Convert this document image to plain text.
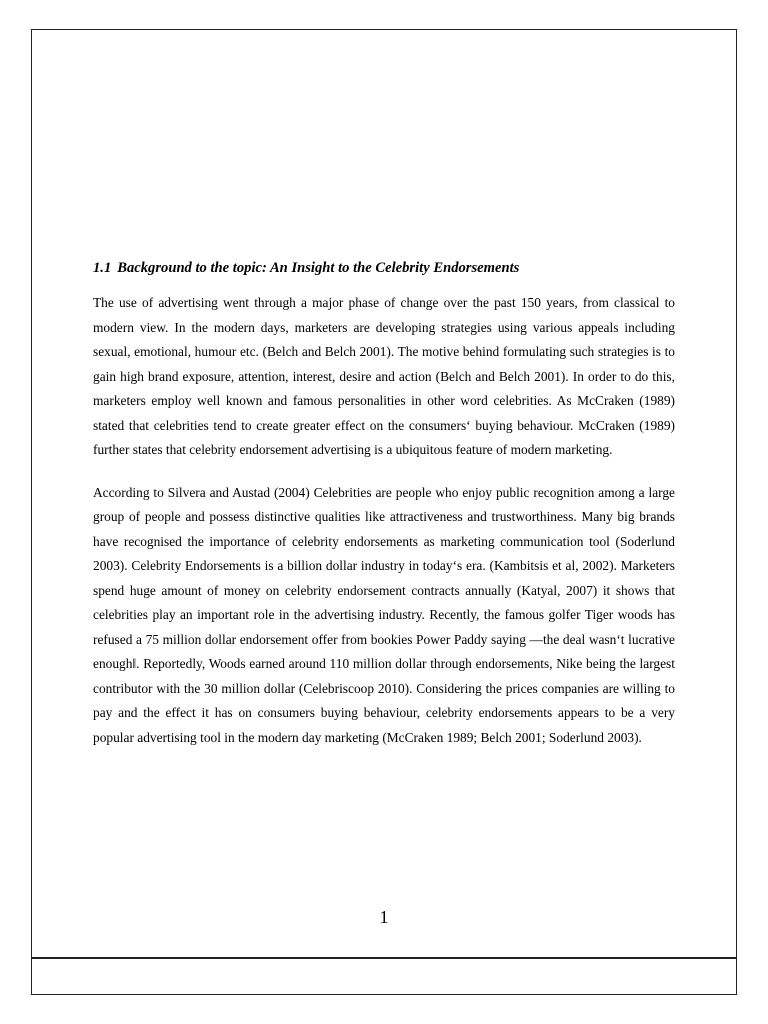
1.1 Background to the topic: An Insight to the Celebrity Endorsements

The use of advertising went through a major phase of change over the past 150 years, from classical to modern view. In the modern days, marketers are developing strategies using various appeals including sexual, emotional, humour etc. (Belch and Belch 2001). The motive behind formulating such strategies is to gain high brand exposure, attention, interest, desire and action (Belch and Belch 2001). In order to do this, marketers employ well known and famous personalities in other word celebrities. As McCraken (1989) stated that celebrities tend to create greater effect on the consumers‘ buying behaviour. McCraken (1989) further states that celebrity endorsement advertising is a ubiquitous feature of modern marketing.

According to Silvera and Austad (2004) Celebrities are people who enjoy public recognition among a large group of people and possess distinctive qualities like attractiveness and trustworthiness. Many big brands have recognised the importance of celebrity endorsements as marketing communication tool (Soderlund 2003). Celebrity Endorsements is a billion dollar industry in today‘s era. (Kambitsis et al, 2002). Marketers spend huge amount of money on celebrity endorsement contracts annually (Katyal, 2007) it shows that celebrities play an important role in the advertising industry. Recently, the famous golfer Tiger woods has refused a 75 million dollar endorsement offer from bookies Power Paddy saying ―the deal wasn‘t lucrative enough‖. Reportedly, Woods earned around 110 million dollar through endorsements, Nike being the largest contributor with the 30 million dollar (Celebriscoop 2010). Considering the prices companies are willing to pay and the effect it has on consumers buying behaviour, celebrity endorsements appears to be a very popular advertising tool in the modern day marketing (McCraken 1989; Belch 2001; Soderlund 2003).

1
